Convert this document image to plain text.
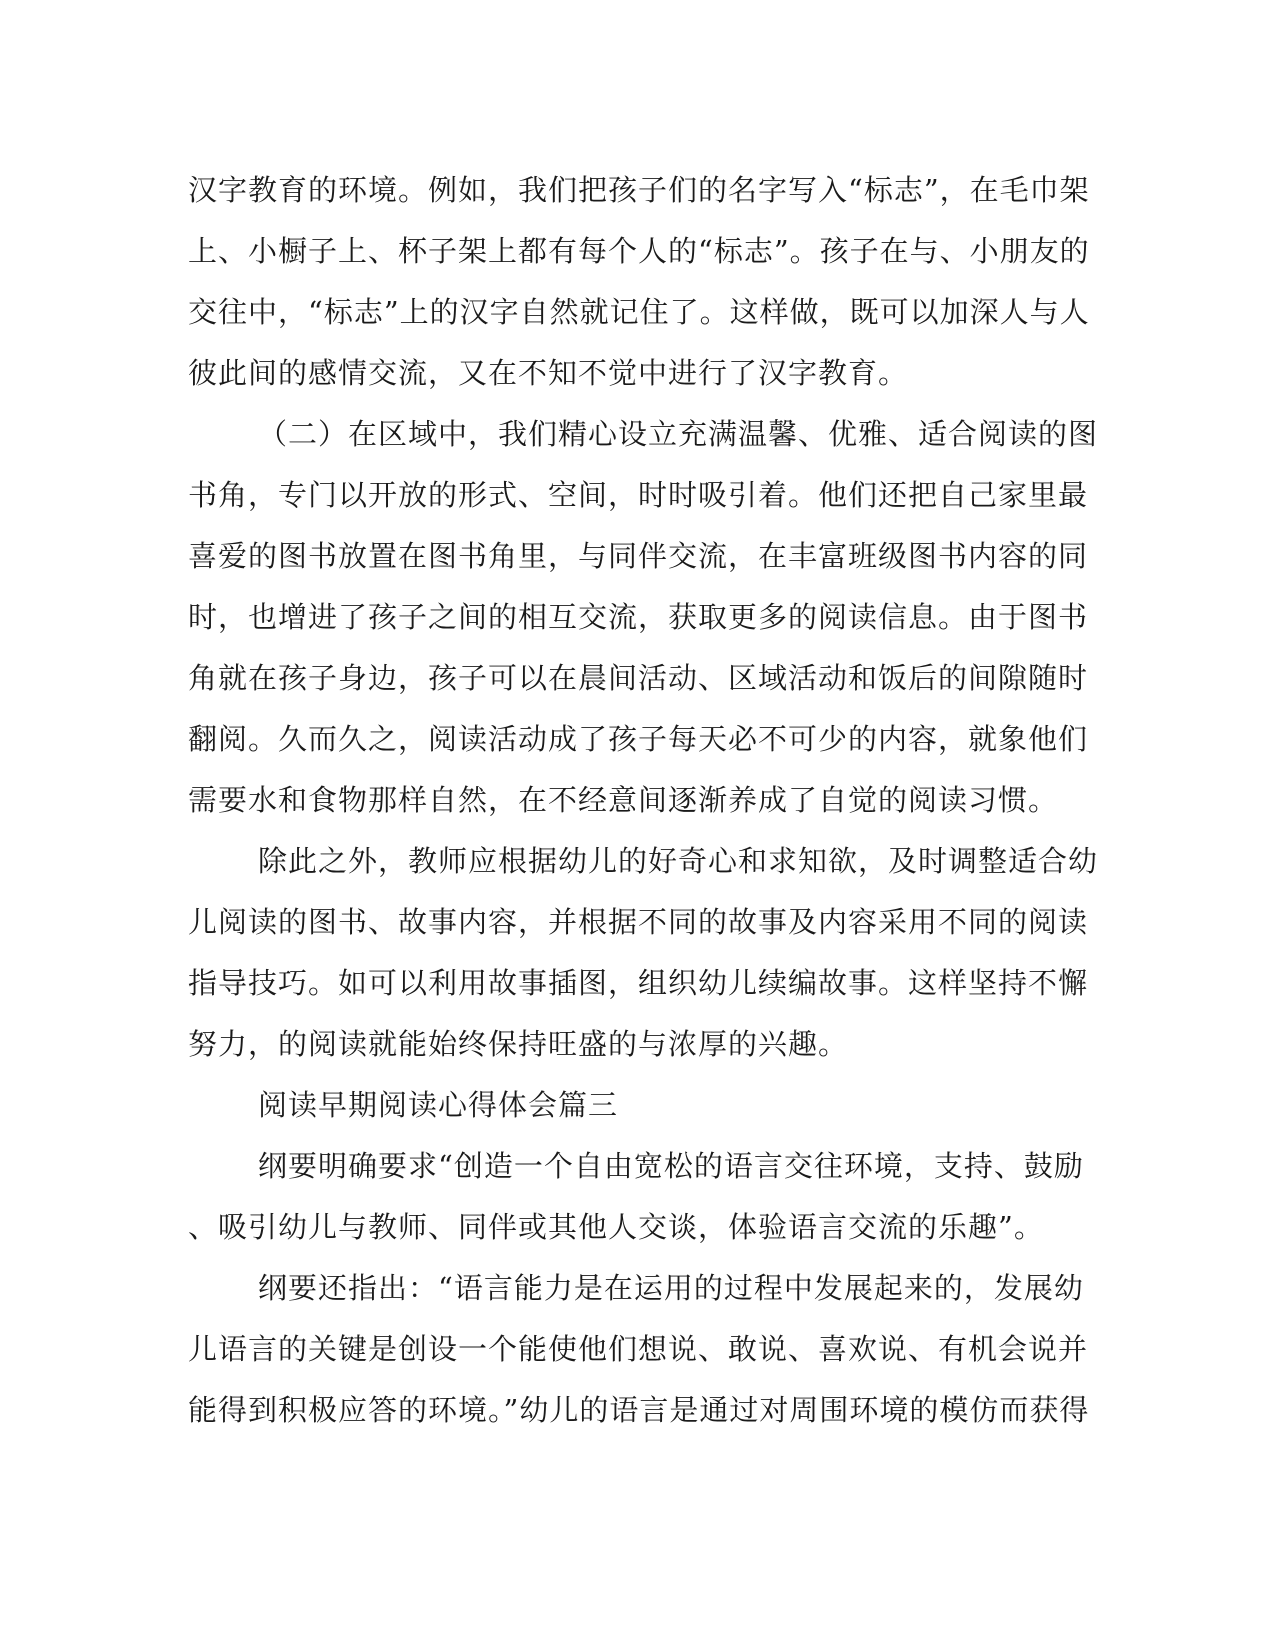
汉字教育的环境。例如，我们把孩子们的名字写入“标志”，在毛巾架
上、小橱子上、杯子架上都有每个人的“标志”。孩子在与、小朋友的
交往中，“标志”上的汉字自然就记住了。这样做，既可以加深人与人
彼此间的感情交流，又在不知不觉中进行了汉字教育。
（二）在区域中，我们精心设立充满温馨、优雅、适合阅读的图
书角，专门以开放的形式、空间，时时吸引着。他们还把自己家里最
喜爱的图书放置在图书角里，与同伴交流，在丰富班级图书内容的同
时，也增进了孩子之间的相互交流，获取更多的阅读信息。由于图书
角就在孩子身边，孩子可以在晨间活动、区域活动和饭后的间隙随时
翻阅。久而久之，阅读活动成了孩子每天必不可少的内容，就象他们
需要水和食物那样自然，在不经意间逐渐养成了自觉的阅读习惯。
除此之外，教师应根据幼儿的好奇心和求知欲，及时调整适合幼
儿阅读的图书、故事内容，并根据不同的故事及内容采用不同的阅读
指导技巧。如可以利用故事插图，组织幼儿续编故事。这样坚持不懈
努力，的阅读就能始终保持旺盛的与浓厚的兴趣。
阅读早期阅读心得体会篇三
纲要明确要求“创造一个自由宽松的语言交往环境，支持、鼓励
、吸引幼儿与教师、同伴或其他人交谈，体验语言交流的乐趣”。
纲要还指出：“语言能力是在运用的过程中发展起来的，发展幼
儿语言的关键是创设一个能使他们想说、敢说、喜欢说、有机会说并
能得到积极应答的环境。”幼儿的语言是通过对周围环境的模仿而获得
